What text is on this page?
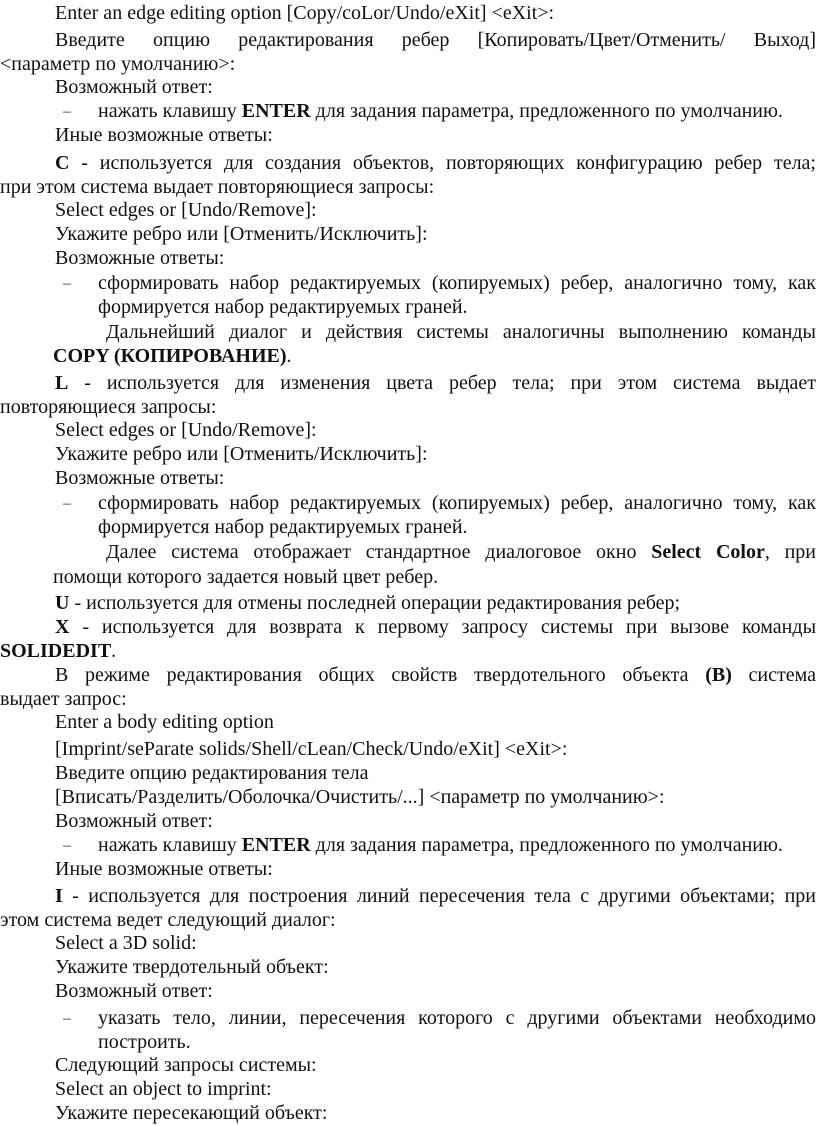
Enter an edge editing option [Copy/coLor/Undo/eXit] <eXit>:
Введите опцию редактирования ребер [Копировать/Цвет/Отменить/ Выход]
<параметр по умолчанию>:
Возможный ответ:
–	нажать клавишу ENTER для задания параметра, предложенного по умолчанию.
Иные возможные ответы:
C - используется для создания объектов, повторяющих конфигурацию ребер тела;
при этом система выдает повторяющиеся запросы:
Select edges or [Undo/Remove]:
Укажите ребро или [Отменить/Исключить]:
Возможные ответы:
–	сформировать набор редактируемых (копируемых) ребер, аналогично тому, как
формируется набор редактируемых граней.
Дальнейший диалог и действия системы аналогичны выполнению команды
COPY (КОПИРОВАНИЕ).
L - используется для изменения цвета ребер тела; при этом система выдает
повторяющиеся запросы:
Select edges or [Undo/Remove]:
Укажите ребро или [Отменить/Исключить]:
Возможные ответы:
–	сформировать набор редактируемых (копируемых) ребер, аналогично тому, как
формируется набор редактируемых граней.
Далее система отображает стандартное диалоговое окно Select Color, при
помощи которого задается новый цвет ребер.
U - используется для отмены последней операции редактирования ребер;
X - используется для возврата к первому запросу системы при вызове команды
SOLIDEDIT.
В режиме редактирования общих свойств твердотельного объекта (B) система
выдает запрос:
Enter a body editing option
[Imprint/seParate solids/Shell/cLean/Check/Undo/eXit] <eXit>:
Введите опцию редактирования тела
[Вписать/Разделить/Оболочка/Очистить/...] <параметр по умолчанию>:
Возможный ответ:
–	нажать клавишу ENTER для задания параметра, предложенного по умолчанию.
Иные возможные ответы:
I - используется для построения линий пересечения тела с другими объектами; при
этом система ведет следующий диалог:
Select a 3D solid:
Укажите твердотельный объект:
Возможный ответ:
–	указать тело, линии, пересечения которого с другими объектами необходимо
построить.
Следующий запросы системы:
Select an object to imprint:
Укажите пересекающий объект:
